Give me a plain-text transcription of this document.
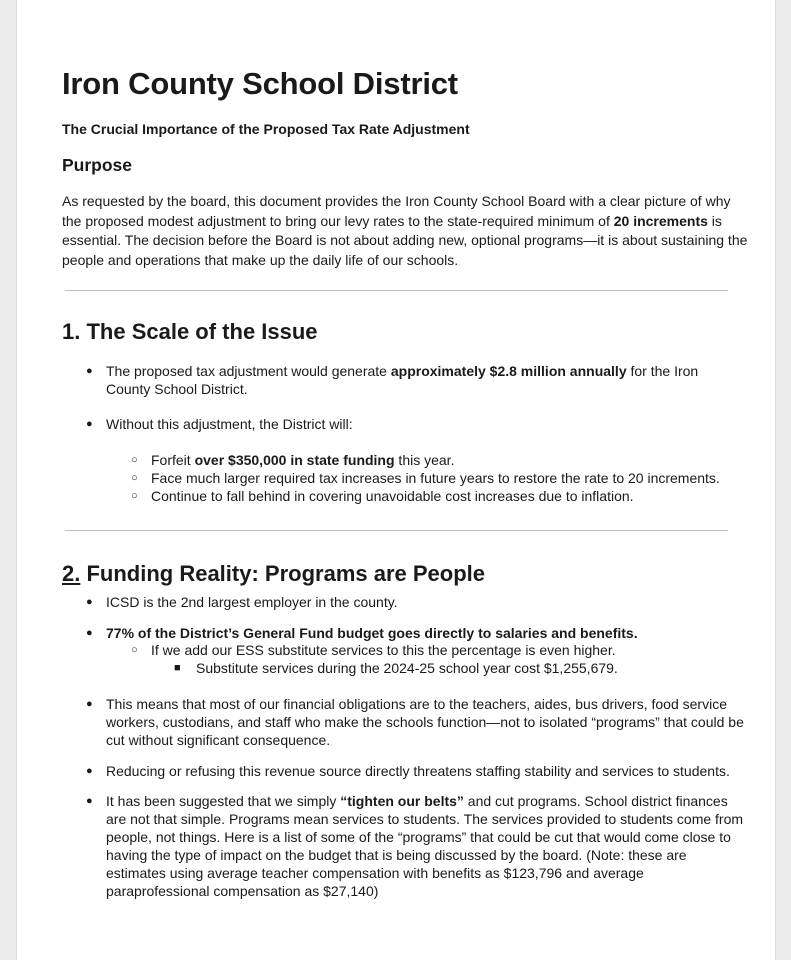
Iron County School District
The Crucial Importance of the Proposed Tax Rate Adjustment
Purpose
As requested by the board, this document provides the Iron County School Board with a clear picture of why the proposed modest adjustment to bring our levy rates to the state-required minimum of 20 increments is essential. The decision before the Board is not about adding new, optional programs—it is about sustaining the people and operations that make up the daily life of our schools.
1. The Scale of the Issue
● The proposed tax adjustment would generate approximately $2.8 million annually for the Iron County School District.
● Without this adjustment, the District will:
○ Forfeit over $350,000 in state funding this year.
○ Face much larger required tax increases in future years to restore the rate to 20 increments.
○ Continue to fall behind in covering unavoidable cost increases due to inflation.
2. Funding Reality: Programs are People
● ICSD is the 2nd largest employer in the county.
● 77% of the District’s General Fund budget goes directly to salaries and benefits.
○ If we add our ESS substitute services to this the percentage is even higher.
■ Substitute services during the 2024-25 school year cost $1,255,679.
● This means that most of our financial obligations are to the teachers, aides, bus drivers, food service workers, custodians, and staff who make the schools function—not to isolated “programs” that could be cut without significant consequence.
● Reducing or refusing this revenue source directly threatens staffing stability and services to students.
● It has been suggested that we simply “tighten our belts” and cut programs. School district finances are not that simple. Programs mean services to students. The services provided to students come from people, not things. Here is a list of some of the “programs” that could be cut that would come close to having the type of impact on the budget that is being discussed by the board. (Note: these are estimates using average teacher compensation with benefits as $123,796 and average paraprofessional compensation as $27,140)
